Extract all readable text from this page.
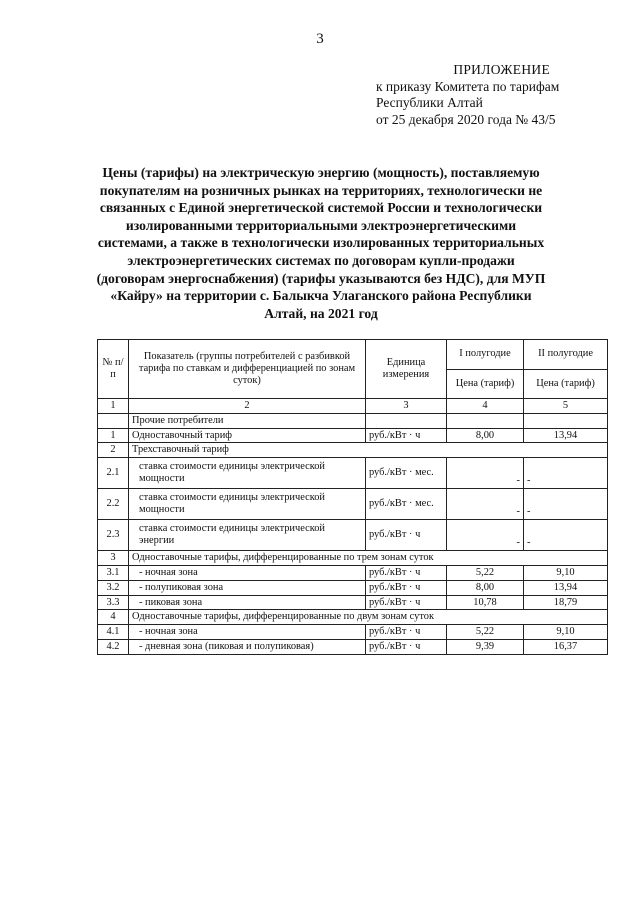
3
ПРИЛОЖЕНИЕ
к приказу Комитета по тарифам
Республики Алтай
от 25 декабря 2020 года № 43/5
Цены (тарифы) на электрическую энергию (мощность), поставляемую
покупателям на розничных рынках на территориях, технологически не
связанных с Единой энергетической системой России и технологически
изолированными территориальными электроэнергетическими
системами, а также в технологически изолированных территориальных
электроэнергетических системах по договорам купли-продажи
(договорам энергоснабжения) (тарифы указываются без НДС), для МУП
«Кайру» на территории с. Балыкча Улаганского района Республики
Алтай, на 2021 год
№ п/п	Показатель (группы потребителей с разбивкой тарифа по ставкам и дифференциацией по зонам суток)	Единица измерения	I полугодие	II полугодие
			Цена (тариф)	Цена (тариф)
1	2	3	4	5
	Прочие потребители			
1	Одноставочный тариф	руб./кВт · ч	8,00	13,94
2	Трехставочный тариф			
2.1	ставка стоимости единицы электрической мощности	руб./кВт · мес.	-	-
2.2	ставка стоимости единицы электрической мощности	руб./кВт · мес.	-	-
2.3	ставка стоимости единицы электрической энергии	руб./кВт · ч	-	-
3	Одноставочные тарифы, дифференцированные по трем зонам суток			
3.1	- ночная зона	руб./кВт · ч	5,22	9,10
3.2	- полупиковая зона	руб./кВт · ч	8,00	13,94
3.3	- пиковая зона	руб./кВт · ч	10,78	18,79
4	Одноставочные тарифы, дифференцированные по двум зонам суток			
4.1	- ночная зона	руб./кВт · ч	5,22	9,10
4.2	- дневная зона (пиковая и полупиковая)	руб./кВт · ч	9,39	16,37
